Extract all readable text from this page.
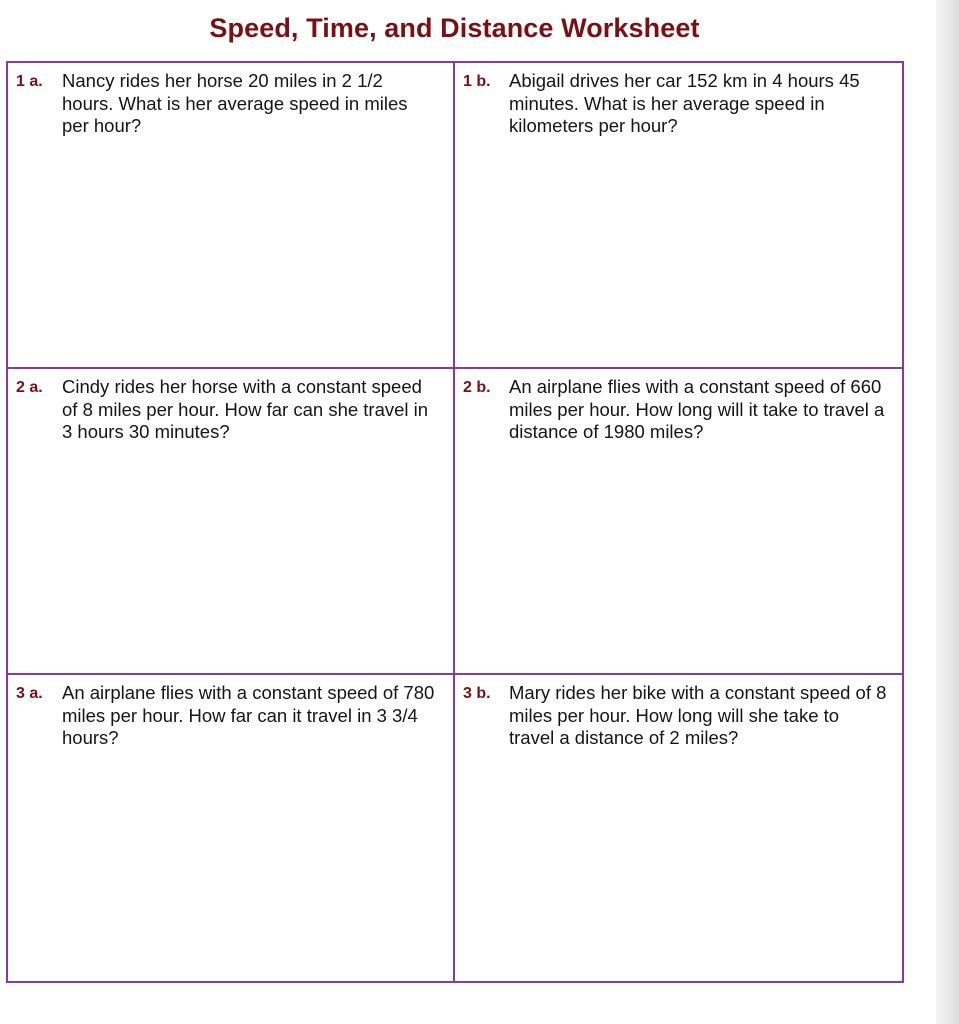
Speed, Time, and Distance Worksheet
1 a. Nancy rides her horse 20 miles in 2 1/2 hours. What is her average speed in miles per hour?
1 b. Abigail drives her car 152 km in 4 hours 45 minutes. What is her average speed in kilometers per hour?
2 a. Cindy rides her horse with a constant speed of 8 miles per hour. How far can she travel in 3 hours 30 minutes?
2 b. An airplane flies with a constant speed of 660 miles per hour. How long will it take to travel a distance of 1980 miles?
3 a. An airplane flies with a constant speed of 780 miles per hour. How far can it travel in 3 3/4 hours?
3 b. Mary rides her bike with a constant speed of 8 miles per hour. How long will she take to travel a distance of 2 miles?
